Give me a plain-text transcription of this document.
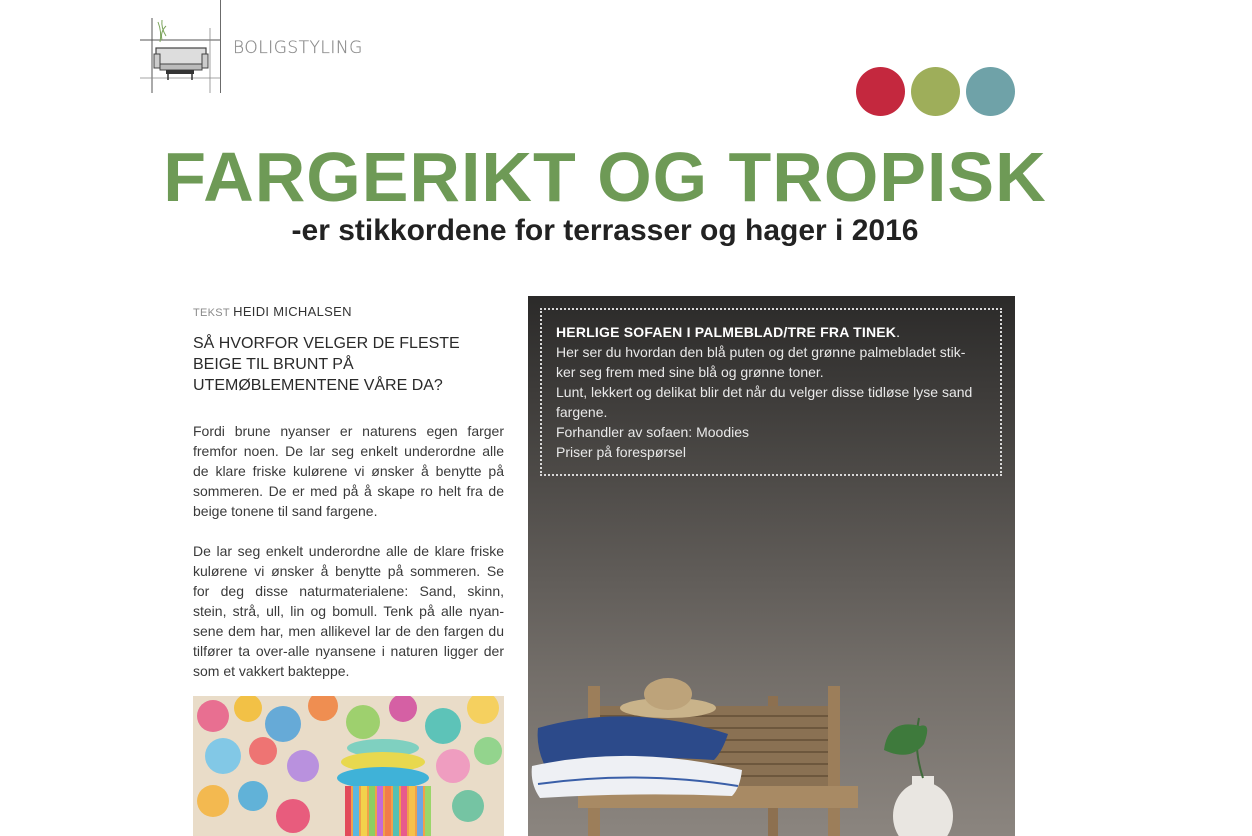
BOLIGSTYLING
FARGERIKT OG TROPISK
-er stikkordene for terrasser og hager i 2016
TEKST HEIDI MICHALSEN

SÅ HVORFOR VELGER DE FLESTE BEIGE TIL BRUNT PÅ UTEMØBLEMENTENE VÅRE DA?

Fordi brune nyanser er naturens egen farger fremfor noen. De lar seg enkelt underordne alle de klare friske kulørene vi ønsker å benytte på sommeren. De er med på å skape ro helt fra de beige tonene til sand fargene.

De lar seg enkelt underordne alle de klare friske kulørene vi ønsker å benytte på sommeren. Se for deg disse naturmaterialene: Sand, skinn, stein, strå, ull, lin og bomull. Tenk på alle nyan-sene dem har, men allikevel lar de den fargen du tilfører ta over-alle nyansene i naturen ligger der som et vakkert bakteppe.

HERLIGE SOFAEN I PALMEBLAD/TRE FRA TINEK.
Her ser du hvordan den blå puten og det grønne palmebladet stik-
ker seg frem med sine blå og grønne toner.
Lunt, lekkert og delikat blir det når du velger disse tidløse lyse sand
fargene.
Forhandler av sofaen: Moodies
Priser på forespørsel
